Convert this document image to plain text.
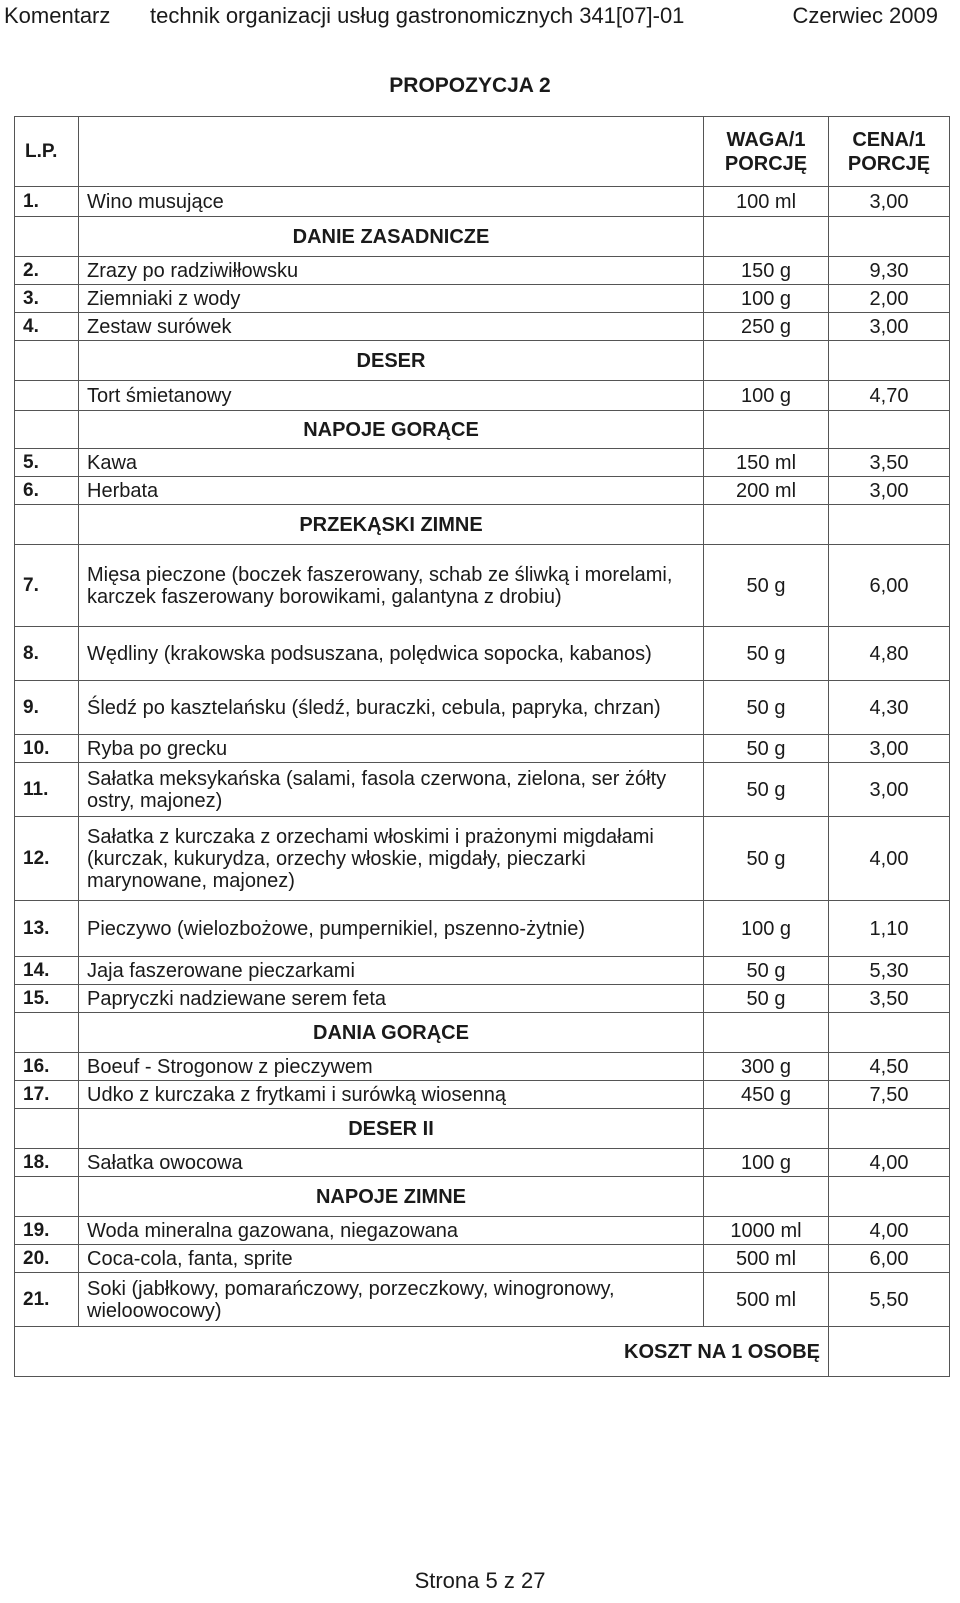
Komentarz technik organizacji usług gastronomicznych 341[07]-01	Czerwiec 2009
PROPOZYCJA 2
L.P.		WAGA/1 PORCJĘ	CENA/1 PORCJĘ
1.	Wino musujące	100 ml	3,00
	DANIE ZASADNICZE		
2.	Zrazy po radziwiłłowsku	150 g	9,30
3.	Ziemniaki z wody	100 g	2,00
4.	Zestaw surówek	250 g	3,00
	DESER		
	Tort śmietanowy	100 g	4,70
	NAPOJE GORĄCE		
5.	Kawa	150 ml	3,50
6.	Herbata	200 ml	3,00
	PRZEKĄSKI ZIMNE		
7.	Mięsa pieczone (boczek faszerowany, schab ze śliwką i morelami, karczek faszerowany borowikami, galantyna z drobiu)	50 g	6,00
8.	Wędliny (krakowska podsuszana, polędwica sopocka, kabanos)	50 g	4,80
9.	Śledź po kasztelańsku (śledź, buraczki, cebula, papryka, chrzan)	50 g	4,30
10.	Ryba po grecku	50 g	3,00
11.	Sałatka meksykańska (salami, fasola czerwona, zielona, ser żółty ostry, majonez)	50 g	3,00
12.	Sałatka z kurczaka z orzechami włoskimi i prażonymi migdałami (kurczak, kukurydza, orzechy włoskie, migdały, pieczarki marynowane, majonez)	50 g	4,00
13.	Pieczywo (wielozbożowe, pumpernikiel, pszenno-żytnie)	100 g	1,10
14.	Jaja faszerowane pieczarkami	50 g	5,30
15.	Papryczki nadziewane serem feta	50 g	3,50
	DANIA GORĄCE		
16.	Boeuf - Strogonow z pieczywem	300 g	4,50
17.	Udko z kurczaka z frytkami i surówką wiosenną	450 g	7,50
	DESER II		
18.	Sałatka owocowa	100 g	4,00
	NAPOJE ZIMNE		
19.	Woda mineralna gazowana, niegazowana	1000 ml	4,00
20.	Coca-cola, fanta, sprite	500 ml	6,00
21.	Soki (jabłkowy, pomarańczowy, porzeczkowy, winogronowy, wieloowocowy)	500 ml	5,50
KOSZT NA 1 OSOBĘ			
Strona 5 z 27
